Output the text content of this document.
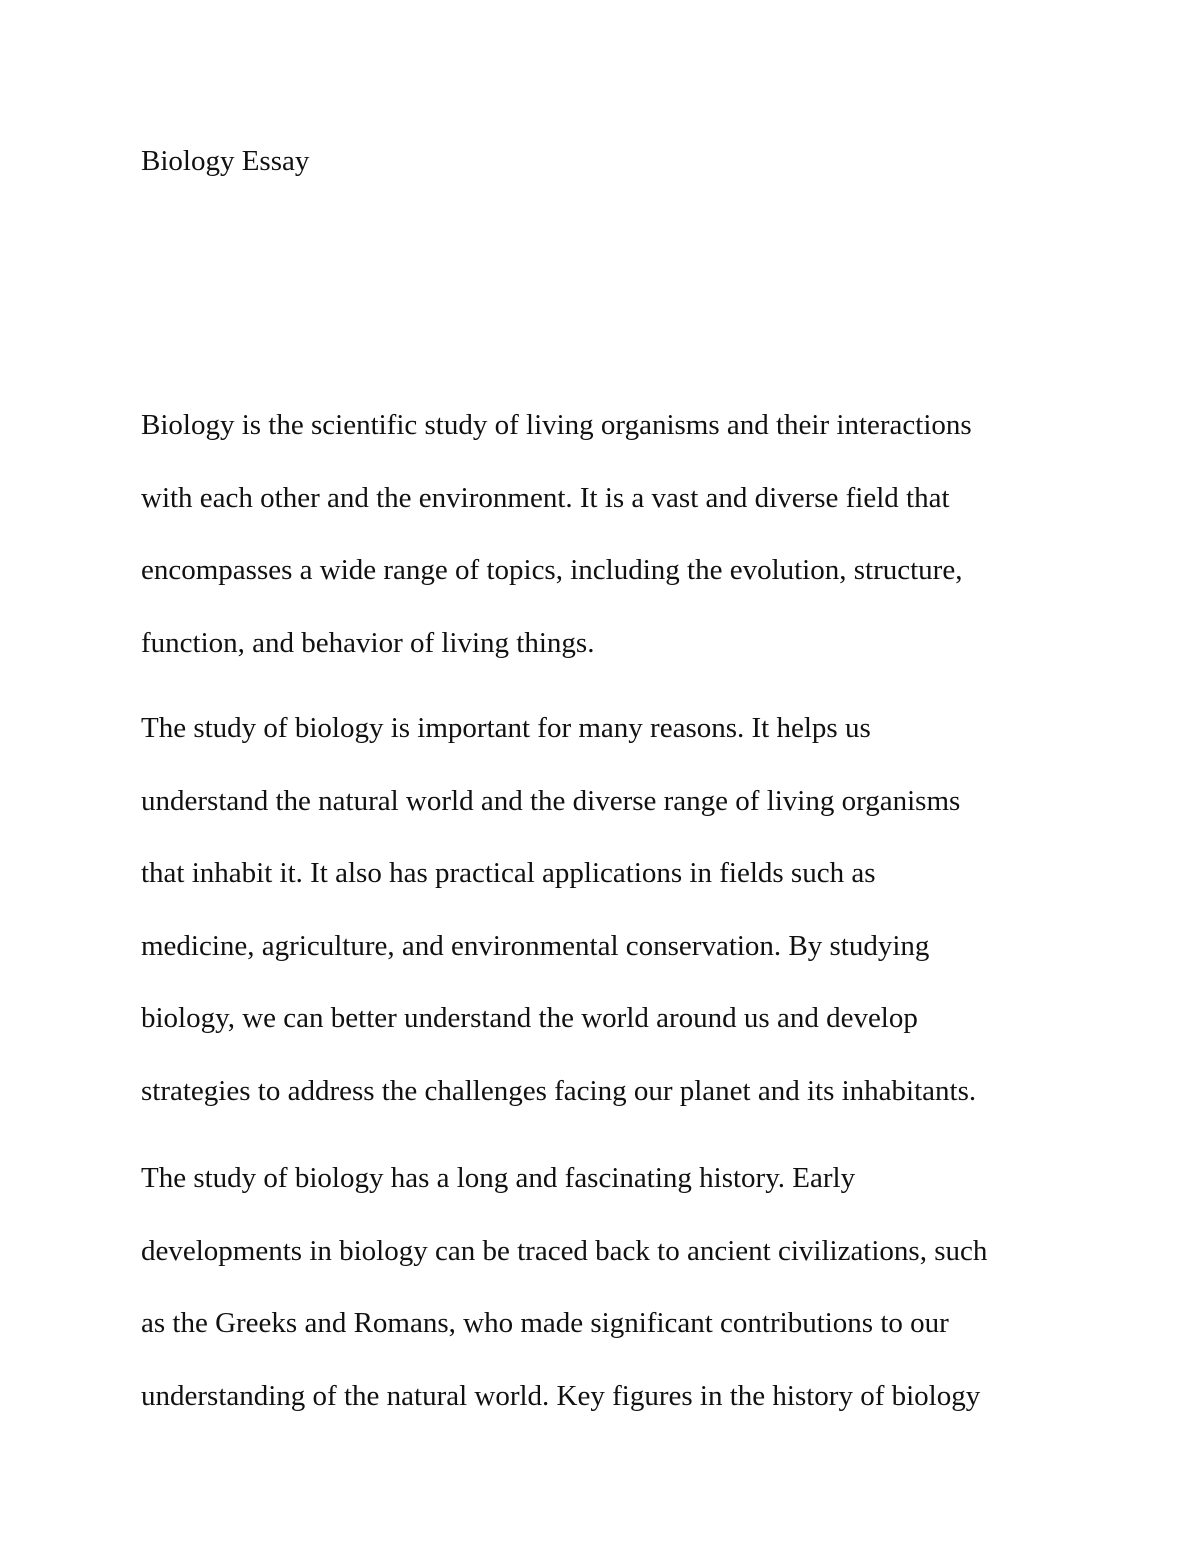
Biology Essay
Biology is the scientific study of living organisms and their interactions
with each other and the environment. It is a vast and diverse field that
encompasses a wide range of topics, including the evolution, structure,
function, and behavior of living things.
The study of biology is important for many reasons. It helps us
understand the natural world and the diverse range of living organisms
that inhabit it. It also has practical applications in fields such as
medicine, agriculture, and environmental conservation. By studying
biology, we can better understand the world around us and develop
strategies to address the challenges facing our planet and its inhabitants.
The study of biology has a long and fascinating history. Early
developments in biology can be traced back to ancient civilizations, such
as the Greeks and Romans, who made significant contributions to our
understanding of the natural world. Key figures in the history of biology
